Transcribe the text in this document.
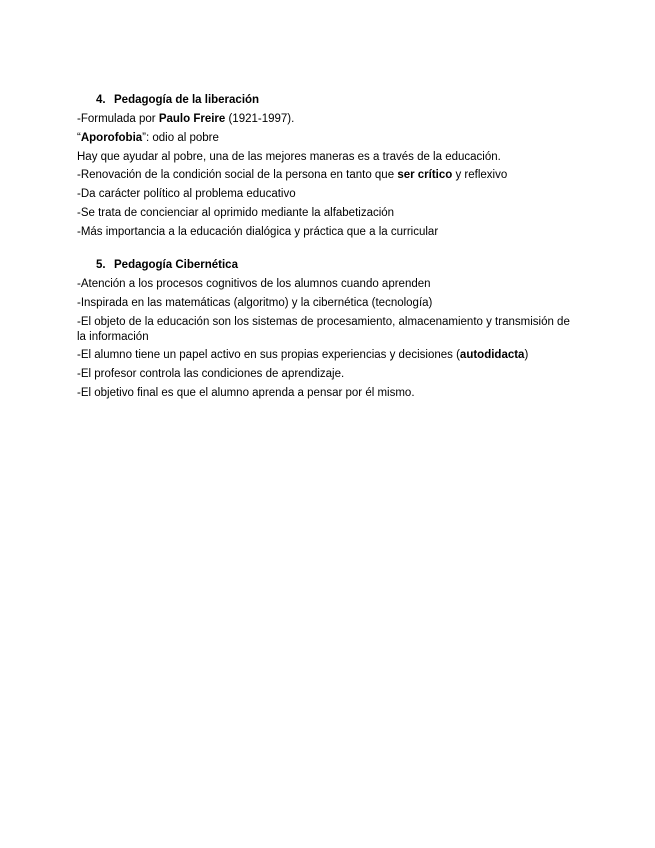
4. Pedagogía de la liberación
-Formulada por Paulo Freire (1921-1997).
“Aporofobia”: odio al pobre
Hay que ayudar al pobre, una de las mejores maneras es a través de la educación.
-Renovación de la condición social de la persona en tanto que ser crítico y reflexivo
-Da carácter político al problema educativo
-Se trata de concienciar al oprimido mediante la alfabetización
-Más importancia a la educación dialógica y práctica que a la curricular
5. Pedagogía Cibernética
-Atención a los procesos cognitivos de los alumnos cuando aprenden
-Inspirada en las matemáticas (algoritmo) y la cibernética (tecnología)
-El objeto de la educación son los sistemas de procesamiento, almacenamiento y transmisión de la información
-El alumno tiene un papel activo en sus propias experiencias y decisiones (autodidacta)
-El profesor controla las condiciones de aprendizaje.
-El objetivo final es que el alumno aprenda a pensar por él mismo.
